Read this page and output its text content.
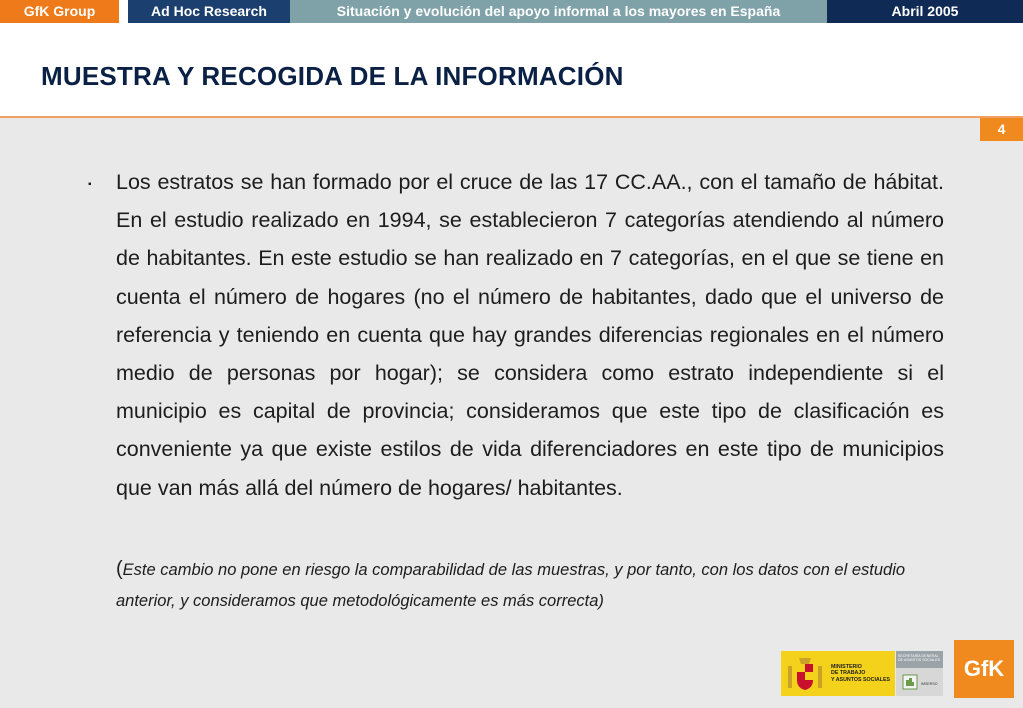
GfK Group	Ad Hoc Research	Situación y evolución del apoyo informal a los mayores en España	Abril 2005
MUESTRA Y RECOGIDA DE LA INFORMACIÓN
4
▪ Los estratos se han formado por el cruce de las 17 CC.AA., con el tamaño de hábitat. En el estudio realizado en 1994, se establecieron 7 categorías atendiendo al número de habitantes. En este estudio se han realizado en 7 categorías, en el que se tiene en cuenta el número de hogares (no el número de habitantes, dado que el universo de referencia y teniendo en cuenta que hay grandes diferencias regionales en el número medio de personas por hogar); se considera como estrato independiente si el municipio es capital de provincia; consideramos que este tipo de clasificación es conveniente ya que existe estilos de vida diferenciadores en este tipo de municipios que van más allá del número de hogares/ habitantes.

(Este cambio no pone en riesgo la comparabilidad de las muestras, y por tanto, con los datos con el estudio anterior, y consideramos que metodológicamente es más correcta)

MINISTERIO
DE TRABAJO
Y ASUNTOS SOCIALES
SECRETARÍA GENERAL
DE ASUNTOS SOCIALES
IMSERSO
GfK
